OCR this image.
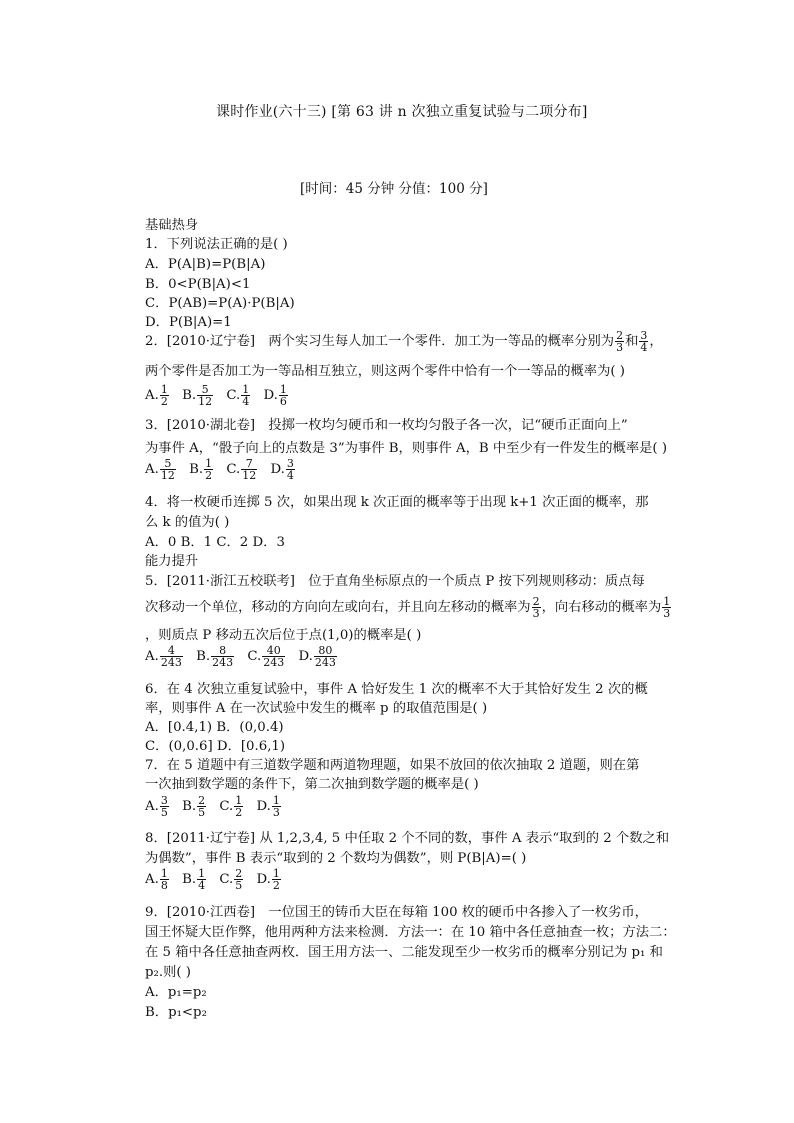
课时作业(六十三) [第 63 讲 n 次独立重复试验与二项分布]
[时间：45 分钟 分值：100 分]
基础热身
1．下列说法正确的是( )
A．P(A|B)=P(B|A)
B．0<P(B|A)<1
C．P(AB)=P(A)·P(B|A)
D．P(B|A)=1
2．[2010·辽宁卷]　两个实习生每人加工一个零件．加工为一等品的概率分别为 $\frac{2}{3}$ 和 $\frac{3}{4}$ ，
两个零件是否加工为一等品相互独立，则这两个零件中恰有一个一等品的概率为( )
A. $\frac{1}{2} B$. $\frac{5}{12} C$. $\frac{1}{4} D$. $\frac{1}{6}$
3．[2010·湖北卷]　投掷一枚均匀硬币和一枚均匀骰子各一次，记“硬币正面向上”
为事件 A，“骰子向上的点数是 3”为事件 B，则事件 A，B 中至少有一件发生的概率是( )
A. $\frac{5}{12} B$. $\frac{1}{2} C$. $\frac{7}{12} D$. $\frac{3}{4}$
4．将一枚硬币连掷 5 次，如果出现 k 次正面的概率等于出现 k+1 次正面的概率，那
么 k 的值为( )
A．0 B．1 C．2 D．3
能力提升
5．[2011·浙江五校联考]　位于直角坐标原点的一个质点 P 按下列规则移动：质点每
次移动一个单位，移动的方向向左或向右，并且向左移动的概率为 $\frac{2}{3}$ ，向右移动的概率为 $\frac{1}{3}$
，则质点 P 移动五次后位于点(1,0)的概率是( )
A. $\frac{4}{243} B$. $\frac{8}{243} C$. $\frac{40}{243} D$. $\frac{80}{243}$
6．在 4 次独立重复试验中，事件 A 恰好发生 1 次的概率不大于其恰好发生 2 次的概
率，则事件 A 在一次试验中发生的概率 p 的取值范围是( )
A．[0.4,1) B．(0,0.4)
C．(0,0.6] D．[0.6,1)
7．在 5 道题中有三道数学题和两道物理题，如果不放回的依次抽取 2 道题，则在第
一次抽到数学题的条件下，第二次抽到数学题的概率是( )
A. $\frac{3}{5} B$. $\frac{2}{5} C$. $\frac{1}{2} D$. $\frac{1}{3}$
8．[2011·辽宁卷] 从 1,2,3,4, 5 中任取 2 个不同的数，事件 A 表示“取到的 2 个数之和
为偶数”，事件 B 表示“取到的 2 个数均为偶数”，则 P(B|A)=( )
A. $\frac{1}{8} B$. $\frac{1}{4} C$. $\frac{2}{5} D$. $\frac{1}{2}$
9．[2010·江西卷]　一位国王的铸币大臣在每箱 100 枚的硬币中各掺入了一枚劣币，
国王怀疑大臣作弊，他用两种方法来检测．方法一：在 10 箱中各任意抽查一枚；方法二：
在 5 箱中各任意抽查两枚．国王用方法一、二能发现至少一枚劣币的概率分别记为 p₁ 和
p₂.则( )
A．p₁=p₂
B．p₁<p₂
